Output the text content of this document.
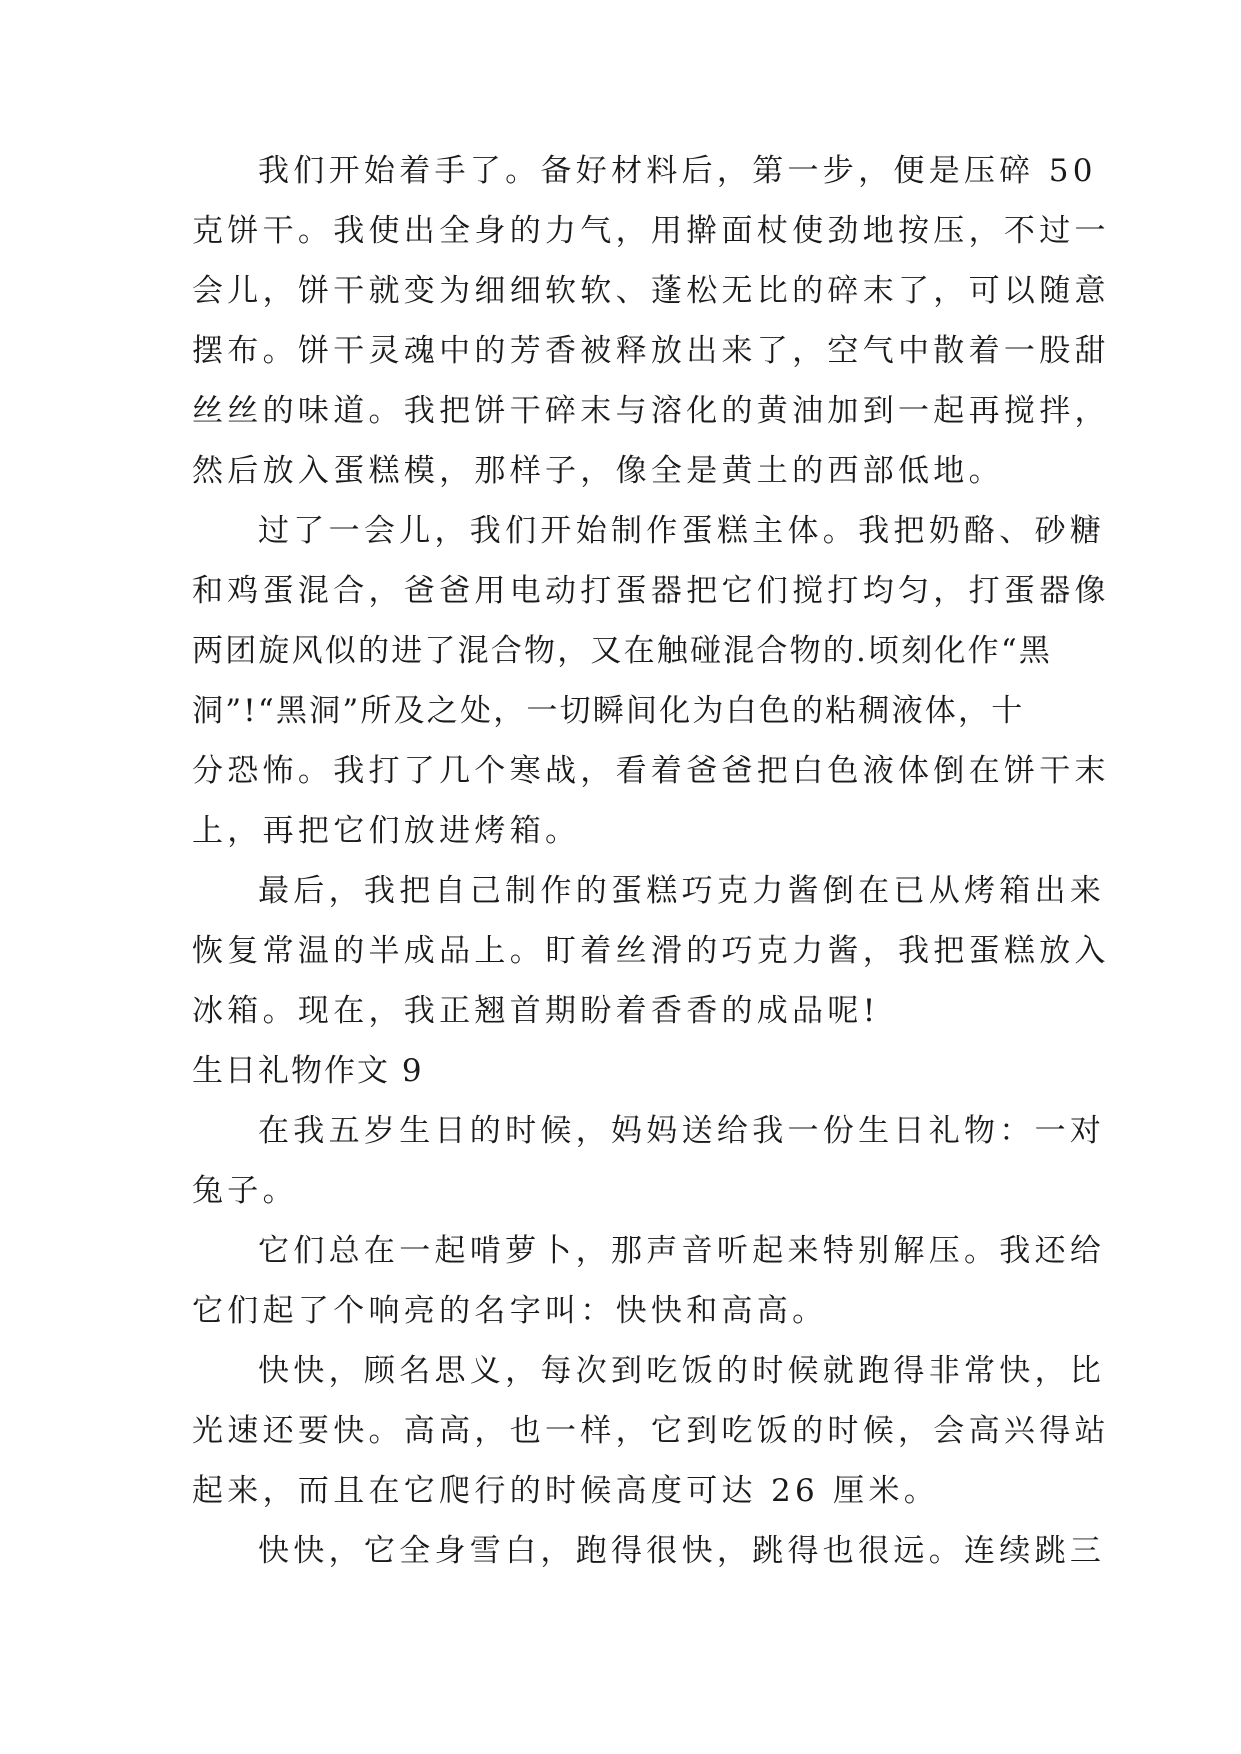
我们开始着手了。备好材料后，第一步，便是压碎 50
克饼干。我使出全身的力气，用擀面杖使劲地按压，不过一
会儿，饼干就变为细细软软、蓬松无比的碎末了，可以随意
摆布。饼干灵魂中的芳香被释放出来了，空气中散着一股甜
丝丝的味道。我把饼干碎末与溶化的黄油加到一起再搅拌，
然后放入蛋糕模，那样子，像全是黄土的西部低地。
过了一会儿，我们开始制作蛋糕主体。我把奶酪、砂糖
和鸡蛋混合，爸爸用电动打蛋器把它们搅打均匀，打蛋器像
两团旋风似的进了混合物，又在触碰混合物的.顷刻化作“黑
洞”!“黑洞”所及之处，一切瞬间化为白色的粘稠液体，十
分恐怖。我打了几个寒战，看着爸爸把白色液体倒在饼干末
上，再把它们放进烤箱。
最后，我把自己制作的蛋糕巧克力酱倒在已从烤箱出来
恢复常温的半成品上。盯着丝滑的巧克力酱，我把蛋糕放入
冰箱。现在，我正翘首期盼着香香的成品呢!
生日礼物作文 9
在我五岁生日的时候，妈妈送给我一份生日礼物：一对
兔子。
它们总在一起啃萝卜，那声音听起来特别解压。我还给
它们起了个响亮的名字叫：快快和高高。
快快，顾名思义，每次到吃饭的时候就跑得非常快，比
光速还要快。高高，也一样，它到吃饭的时候，会高兴得站
起来，而且在它爬行的时候高度可达 26 厘米。
快快，它全身雪白，跑得很快，跳得也很远。连续跳三
